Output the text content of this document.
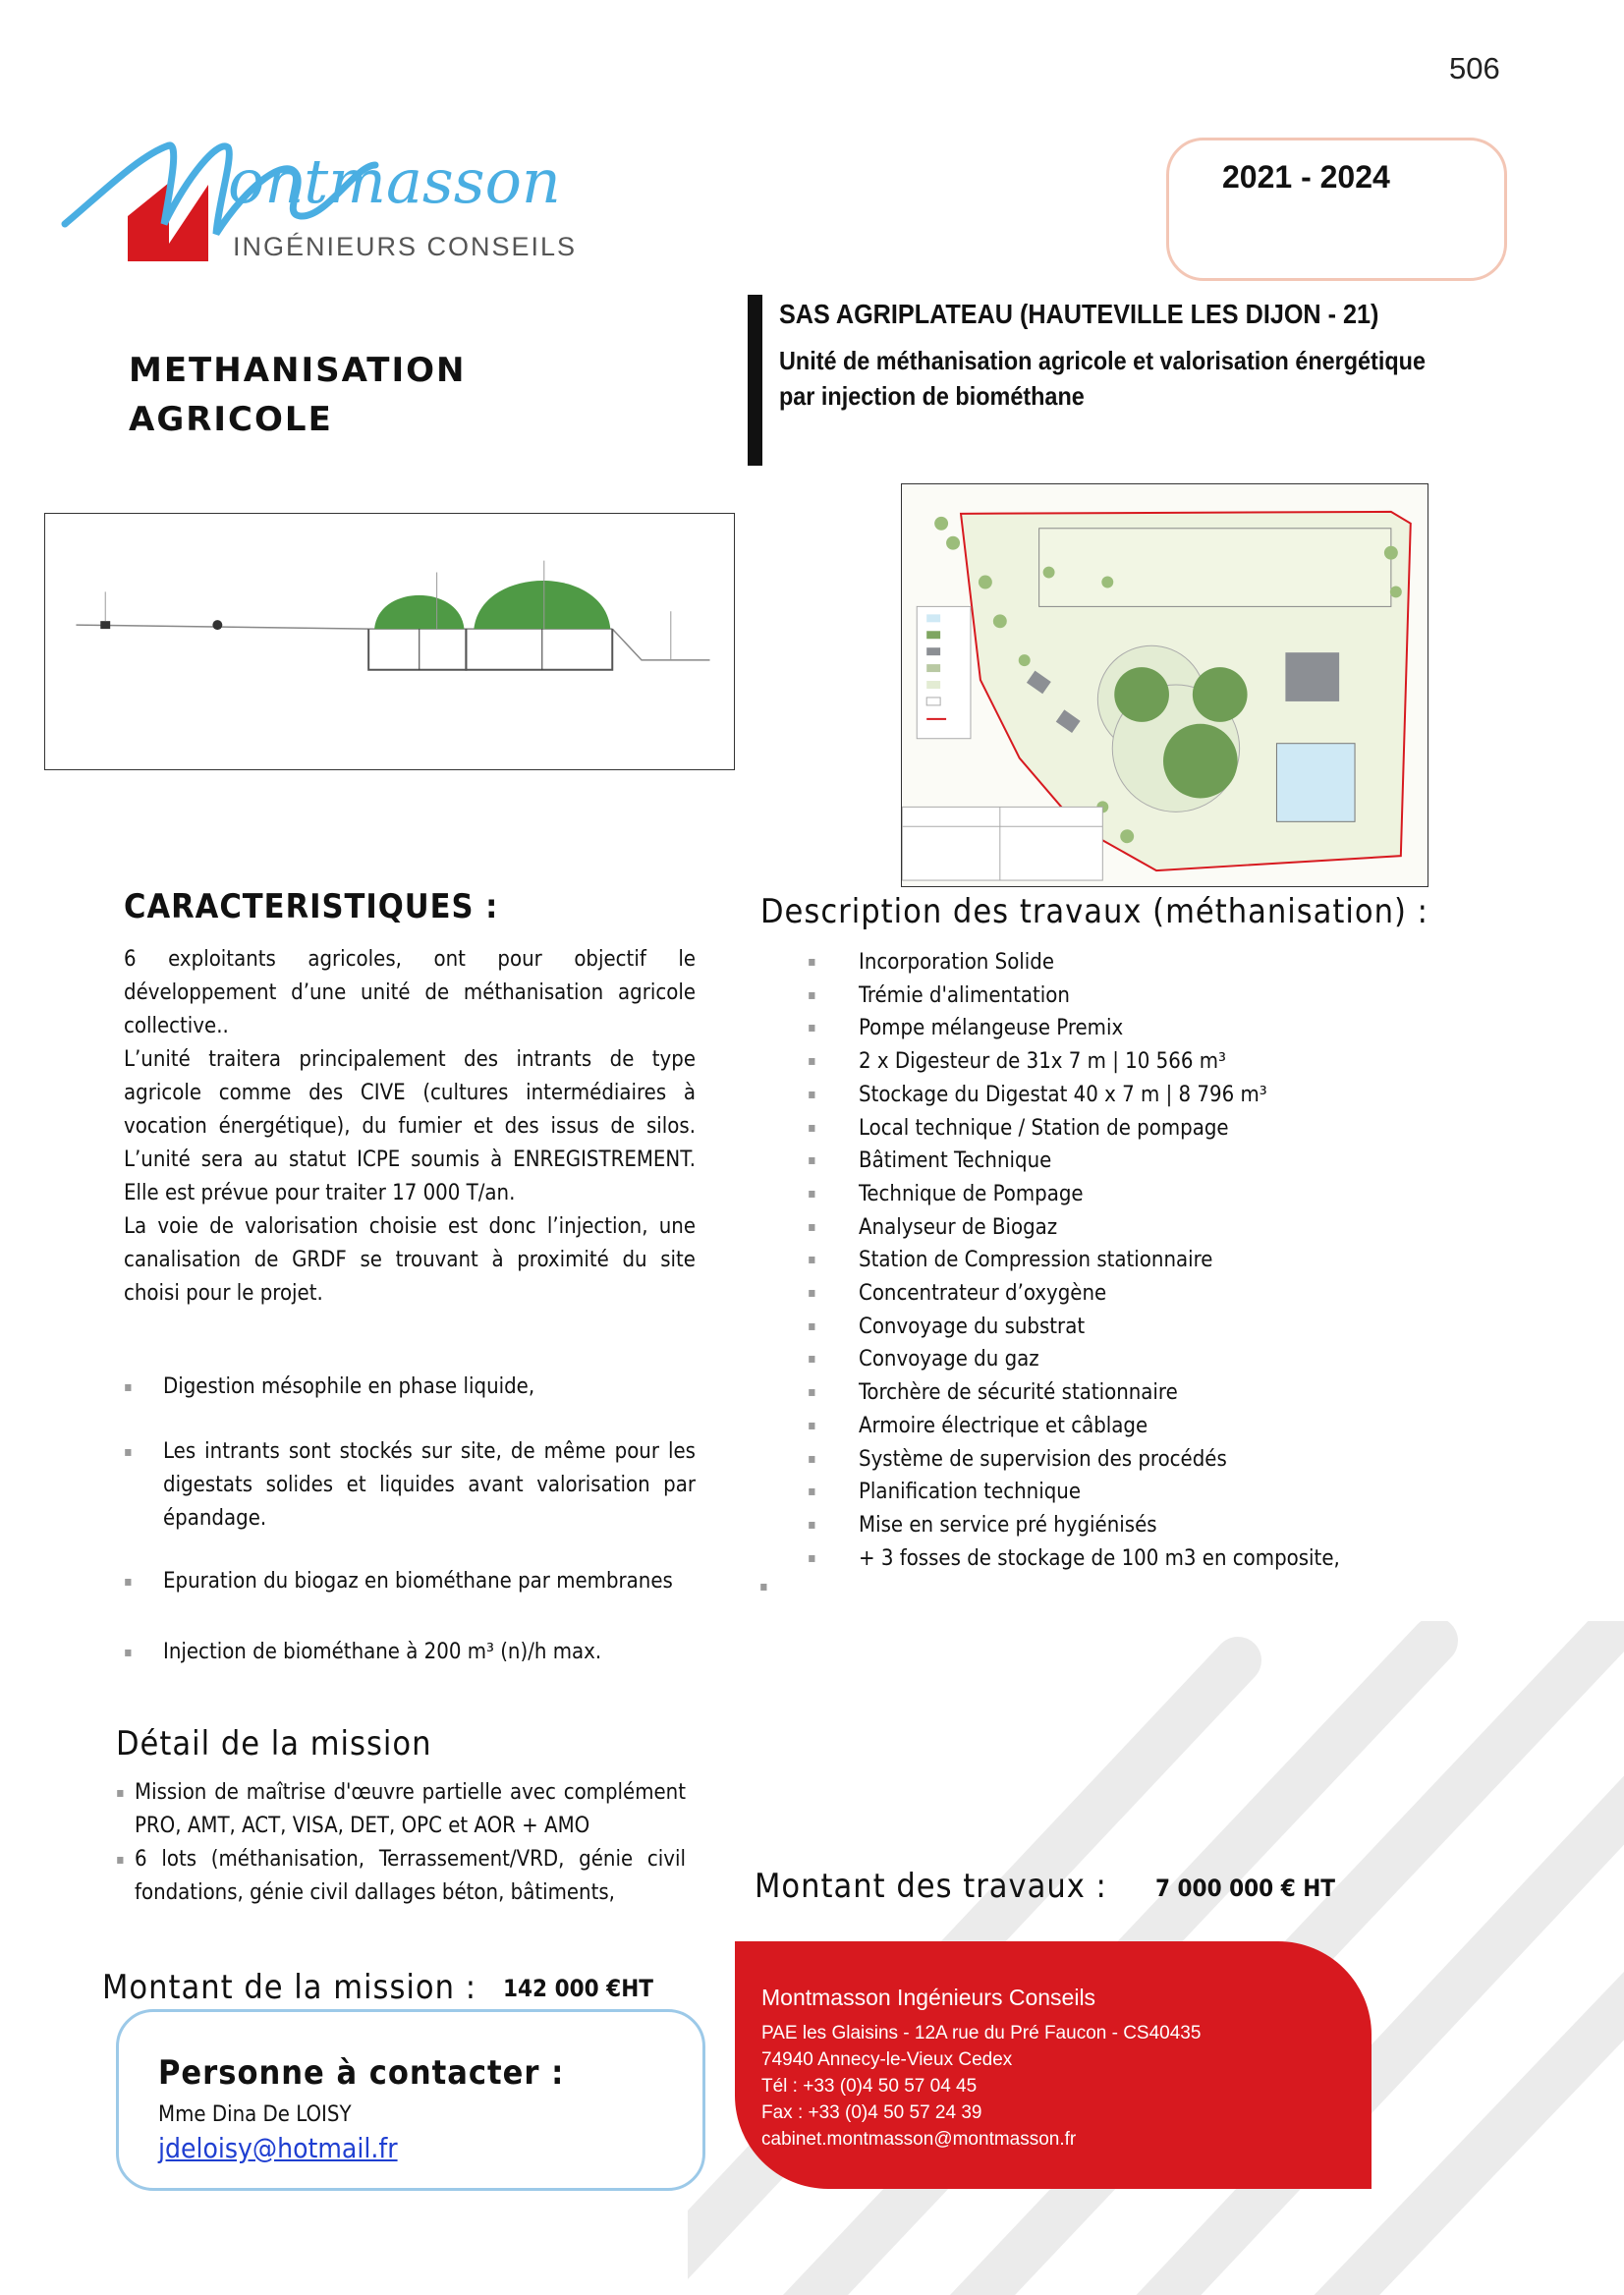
506
ontmasson
INGÉNIEURS CONSEILS
2021 - 2024
SAS AGRIPLATEAU (HAUTEVILLE LES DIJON - 21)
Unité de méthanisation agricole et valorisation énergétique
par injection de biométhane
METHANISATION
AGRICOLE
CARACTERISTIQUES :

6 exploitants agricoles, ont pour objectif le développement d’une unité de méthanisation agricole collective..

L’unité traitera principalement des intrants de type agricole comme des CIVE (cultures intermédiaires à vocation énergétique), du fumier et des issus de silos. L’unité sera au statut ICPE soumis à ENREGISTREMENT. Elle est prévue pour traiter 17 000 T/an.

La voie de valorisation choisie est donc l’injection, une canalisation de GRDF se trouvant à proximité du site choisi pour le projet.

▪ Digestion mésophile en phase liquide,
▪ Les intrants sont stockés sur site, de même pour les digestats solides et liquides avant valorisation par épandage.
▪ Epuration du biogaz en biométhane par membranes
▪ Injection de biométhane à 200 m³ (n)/h max.
Description des travaux (méthanisation) :
▪ Incorporation Solide
▪ Trémie d'alimentation
▪ Pompe mélangeuse Premix
▪ 2 x Digesteur de 31x 7 m | 10 566 m³
▪ Stockage du Digestat 40 x 7 m | 8 796 m³
▪ Local technique / Station de pompage
▪ Bâtiment Technique
▪ Technique de Pompage
▪ Analyseur de Biogaz
▪ Station de Compression stationnaire
▪ Concentrateur d’oxygène
▪ Convoyage du substrat
▪ Convoyage du gaz
▪ Torchère de sécurité stationnaire
▪ Armoire électrique et câblage
▪ Système de supervision des procédés
▪ Planification technique
▪ Mise en service pré hygiénisés
▪ + 3 fosses de stockage de 100 m3 en composite,
▪
Détail de la mission
▪ Mission de maîtrise d'œuvre partielle avec complément PRO, AMT, ACT, VISA, DET, OPC et AOR + AMO
▪ 6 lots (méthanisation, Terrassement/VRD, génie civil fondations, génie civil dallages béton, bâtiments,	Montant des travaux : 7 000 000 € HT
Montant de la mission : 142 000 €HT
Personne à contacter :
Mme Dina De LOISY
jdeloisy@hotmail.fr
Montmasson Ingénieurs Conseils
PAE les Glaisins - 12A rue du Pré Faucon - CS40435
74940 Annecy-le-Vieux Cedex
Tél : +33 (0)4 50 57 04 45
Fax : +33 (0)4 50 57 24 39
cabinet.montmasson@montmasson.fr
